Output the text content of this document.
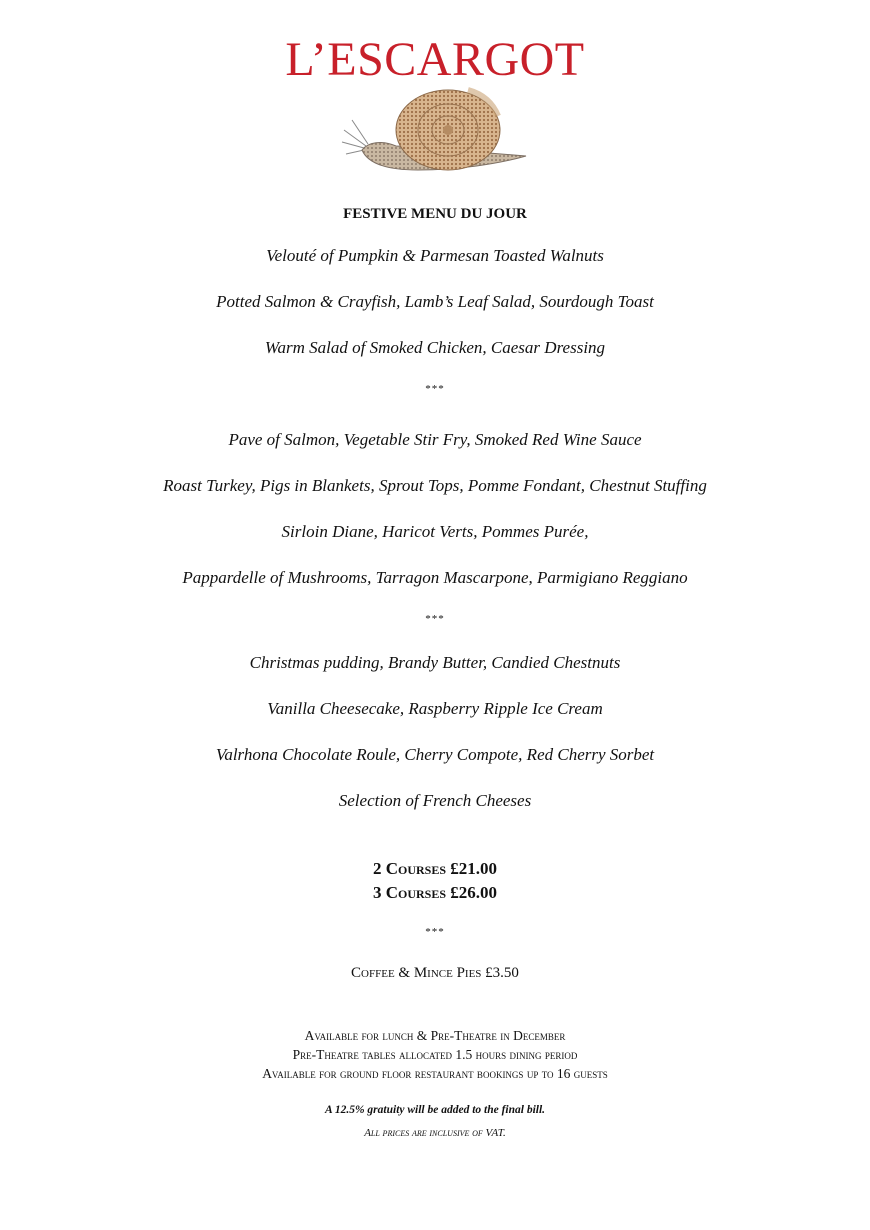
L’ESCARGOT
FESTIVE MENU DU JOUR
Velouté of Pumpkin & Parmesan Toasted Walnuts
Potted Salmon & Crayfish, Lamb’s Leaf Salad, Sourdough Toast
Warm Salad of Smoked Chicken, Caesar Dressing
***
Pave of Salmon, Vegetable Stir Fry, Smoked Red Wine Sauce
Roast Turkey, Pigs in Blankets, Sprout Tops, Pomme Fondant, Chestnut Stuffing
Sirloin Diane, Haricot Verts, Pommes Purée,
Pappardelle of Mushrooms, Tarragon Mascarpone, Parmigiano Reggiano
***
Christmas pudding, Brandy Butter, Candied Chestnuts
Vanilla Cheesecake, Raspberry Ripple Ice Cream
Valrhona Chocolate Roule, Cherry Compote, Red Cherry Sorbet
Selection of French Cheeses
2 Courses £21.00
3 Courses £26.00
***
Coffee & Mince Pies £3.50
Available for lunch & Pre-Theatre in December
Pre-Theatre tables allocated 1.5 hours dining period
Available for ground floor restaurant bookings up to 16 guests
A 12.5% gratuity will be added to the final bill.
All prices are inclusive of VAT.
